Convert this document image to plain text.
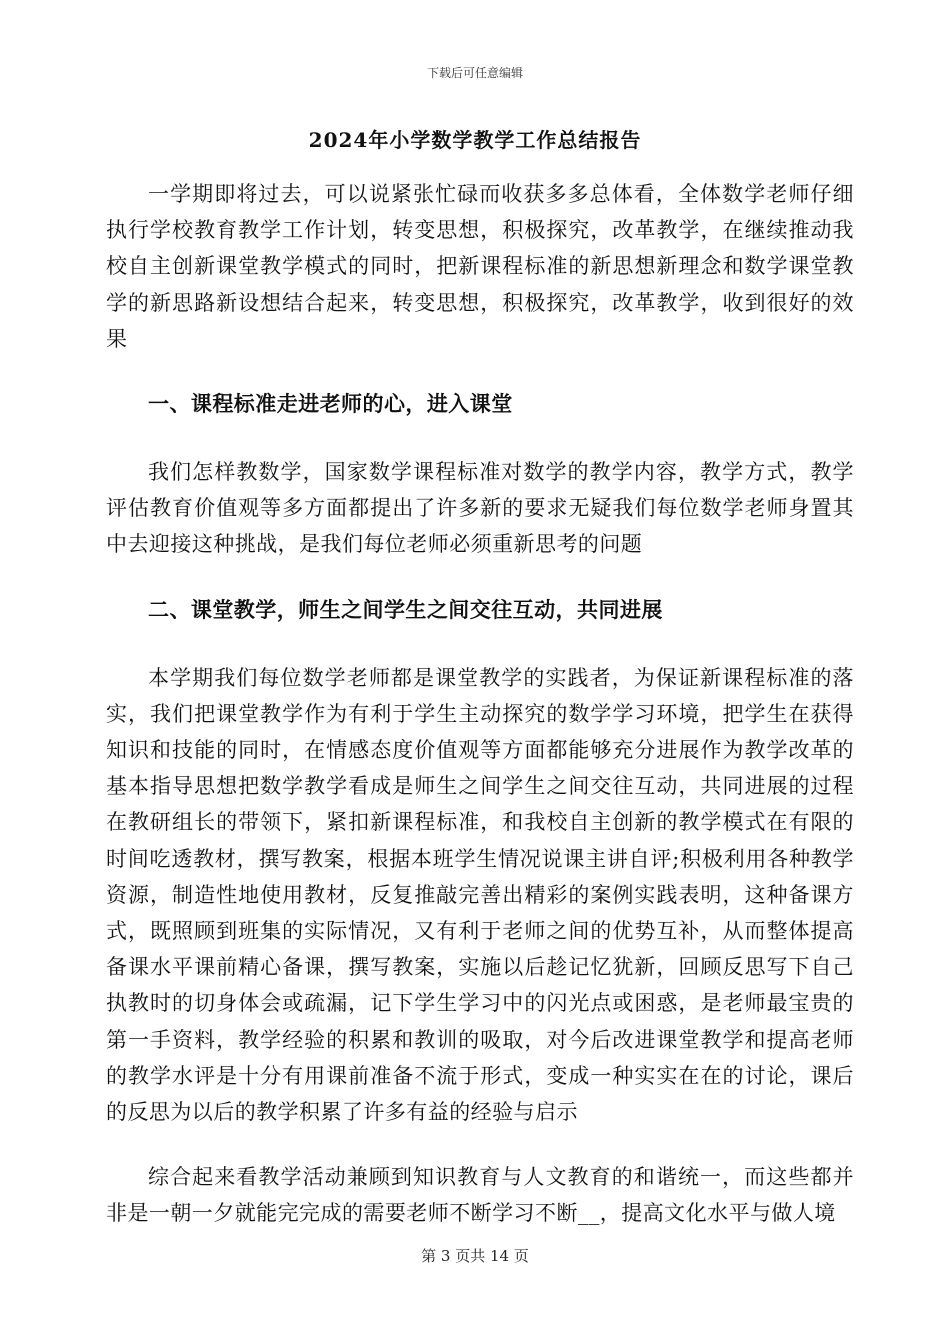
下载后可任意编辑
2024年小学数学教学工作总结报告

一学期即将过去，可以说紧张忙碌而收获多多总体看，全体数学老师仔细执行学校教育教学工作计划，转变思想，积极探究，改革教学，在继续推动我校自主创新课堂教学模式的同时，把新课程标准的新思想新理念和数学课堂教学的新思路新设想结合起来，转变思想，积极探究，改革教学，收到很好的效果

一、课程标准走进老师的心，进入课堂

我们怎样教数学，国家数学课程标准对数学的教学内容，教学方式，教学评估教育价值观等多方面都提出了许多新的要求无疑我们每位数学老师身置其中去迎接这种挑战，是我们每位老师必须重新思考的问题

二、课堂教学，师生之间学生之间交往互动，共同进展

本学期我们每位数学老师都是课堂教学的实践者，为保证新课程标准的落实，我们把课堂教学作为有利于学生主动探究的数学学习环境，把学生在获得知识和技能的同时，在情感态度价值观等方面都能够充分进展作为教学改革的基本指导思想把数学教学看成是师生之间学生之间交往互动，共同进展的过程在教研组长的带领下，紧扣新课程标准，和我校自主创新的教学模式在有限的时间吃透教材，撰写教案，根据本班学生情况说课主讲自评;积极利用各种教学资源，制造性地使用教材，反复推敲完善出精彩的案例实践表明，这种备课方式，既照顾到班集的实际情况，又有利于老师之间的优势互补，从而整体提高备课水平课前精心备课，撰写教案，实施以后趁记忆犹新，回顾反思写下自己执教时的切身体会或疏漏，记下学生学习中的闪光点或困惑，是老师最宝贵的第一手资料，教学经验的积累和教训的吸取，对今后改进课堂教学和提高老师的教学水评是十分有用课前准备不流于形式，变成一种实实在在的讨论，课后的反思为以后的教学积累了许多有益的经验与启示

综合起来看教学活动兼顾到知识教育与人文教育的和谐统一，而这些都并非是一朝一夕就能完完成的需要老师不断学习不断__，提高文化水平与做人境

第 3 页共 14 页
